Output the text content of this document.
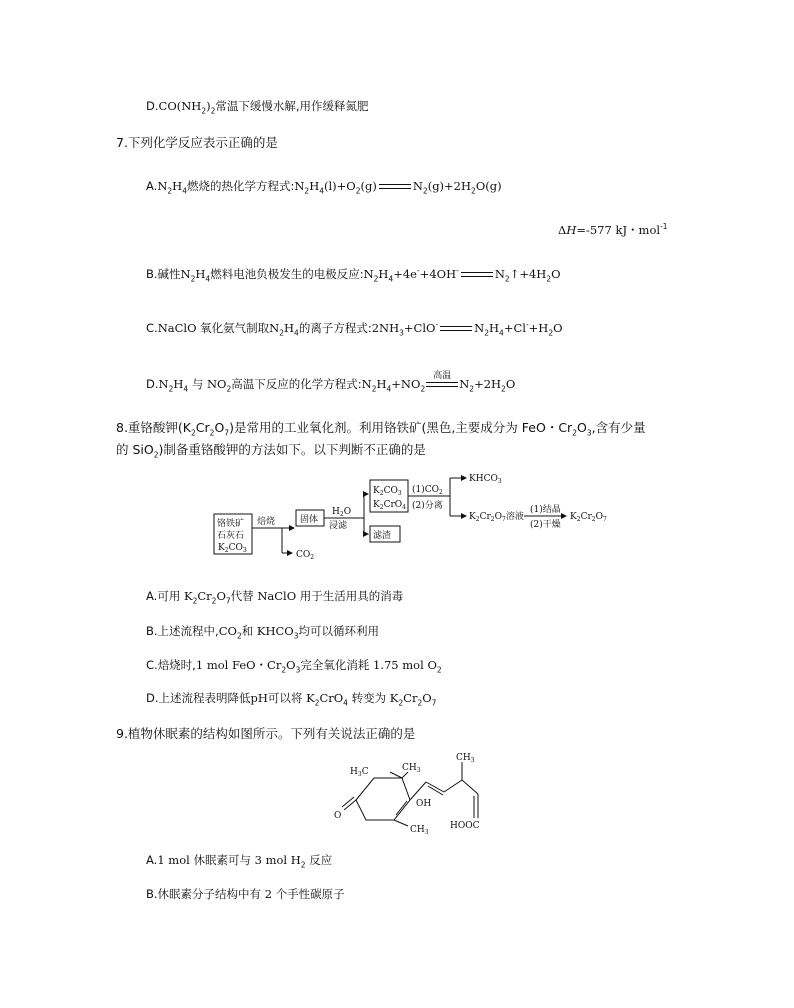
$D.CO(NH_2)_2$常温下缓慢水解,用作缓释氮肥
7.下列化学反应表示正确的是
$A.N_2H_4$燃烧的热化学方程式$:N_2H_4(l)+O_2(g)$	$N_2(g)+2H_2O(g)$
ΔH=-577 kJ・mol$^{-1}$
B.碱性$N_2H_4$燃料电池负极发生的电极反应$:N_2H_4+4e^-+4OH^-$	$N_2↑+4H_2O$
C.NaClO 氧化氨气制取$N_2H_4$的离子方程式$:2NH_3+ClO^-$	$N_2H_4+Cl^-+H_2O$
$D.N_2H_4$ 与 $NO_2$高温下反应的化学方程式$:N_2H_4+NO_2$
高温
$N_2+2H_2O$
8.重铬酸钾$(K_2Cr_2O_7)$是常用的工业氧化剂。利用铬铁矿(黑色,主要成分为 FeO・$Cr_2O_3$,含有少量
的 SiO$_2$)制备重铬酸钾的方法如下。以下判断不正确的是
铬铁矿
石灰石
$K_2CO_3$
焙烧
$CO_2$
固体
$H_2O$
浸滤
$K_2CO_3$
$K_2CrO_4$
滤渣
$(1)CO_2$
(2)分离
$KHCO_3$
$K_2Cr_2O_7$溶液
(1)结晶
(2)干燥
$K_2Cr_2O_7$
A.可用 $K_2Cr_2O_7$代替 NaClO 用于生活用具的消毒
B.上述流程中$,CO_2$和 $KHCO_3$均可以循环利用
C.焙烧时,1 mol FeO・$Cr_2O_3$完全氧化消耗 1.75 mol $O_2$
D.上述流程表明降低pH可以将 $K_2CrO_4$ 转变为 $K_2Cr_2O_7$
9.植物休眠素的结构如图所示。下列有关说法正确的是
$H_3C$	$CH_3$
$CH_3$
OH
O
$CH_3$
HOOC
A.1 mol 休眠素可与 3 mol $H_2$ 反应
B.休眠素分子结构中有 2 个手性碳原子
